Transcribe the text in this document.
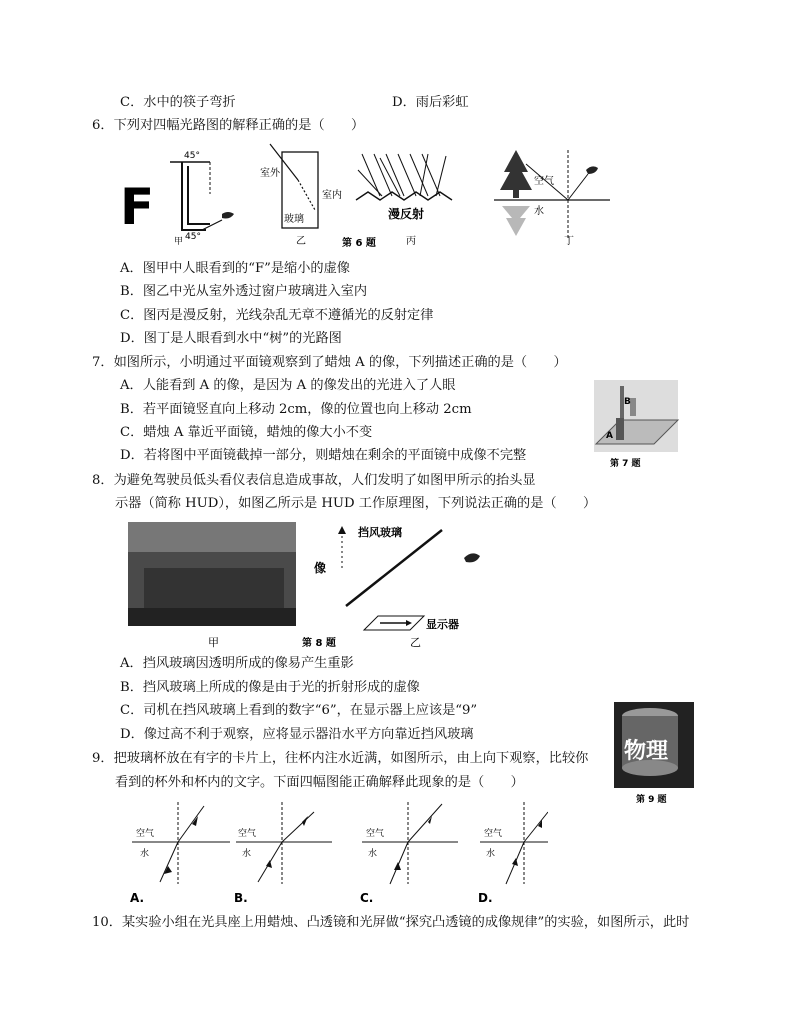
C．水中的筷子弯折	D．雨后彩虹
6．下列对四幅光路图的解释正确的是（　　）
F
45°
45°
甲
室外
室内
玻璃
乙	第 6 题
漫反射
丙
空气
水
丁
A．图甲中人眼看到的“F”是缩小的虚像
B．图乙中光从室外透过窗户玻璃进入室内
C．图丙是漫反射，光线杂乱无章不遵循光的反射定律
D．图丁是人眼看到水中“树”的光路图
7．如图所示，小明通过平面镜观察到了蜡烛 A 的像，下列描述正确的是（　　）
A．人能看到 A 的像，是因为 A 的像发出的光进入了人眼
B．若平面镜竖直向上移动 2cm，像的位置也向上移动 2cm
C．蜡烛 A 靠近平面镜，蜡烛的像大小不变
D．若将图中平面镜截掉一部分，则蜡烛在剩余的平面镜中成像不完整
B
A
第 7 题
8．为避免驾驶员低头看仪表信息造成事故，人们发明了如图甲所示的抬头显
示器（简称 HUD），如图乙所示是 HUD 工作原理图，下列说法正确的是（　　）
甲	第 8 题
像
挡风玻璃
显示器
乙
A．挡风玻璃因透明所成的像易产生重影
B．挡风玻璃上所成的像是由于光的折射形成的虚像
C．司机在挡风玻璃上看到的数字“6”，在显示器上应该是“9”
D．像过高不利于观察，应将显示器沿水平方向靠近挡风玻璃
9．把玻璃杯放在有字的卡片上，往杯内注水近满，如图所示，由上向下观察，比较你
看到的杯外和杯内的文字。下面四幅图能正确解释此现象的是（　　）
物理
第 9 题
空气
水
A.
空气
水
B.
空气
水
C.
空气
水
D.
10．某实验小组在光具座上用蜡烛、凸透镜和光屏做“探究凸透镜的成像规律”的实验，如图所示，此时
